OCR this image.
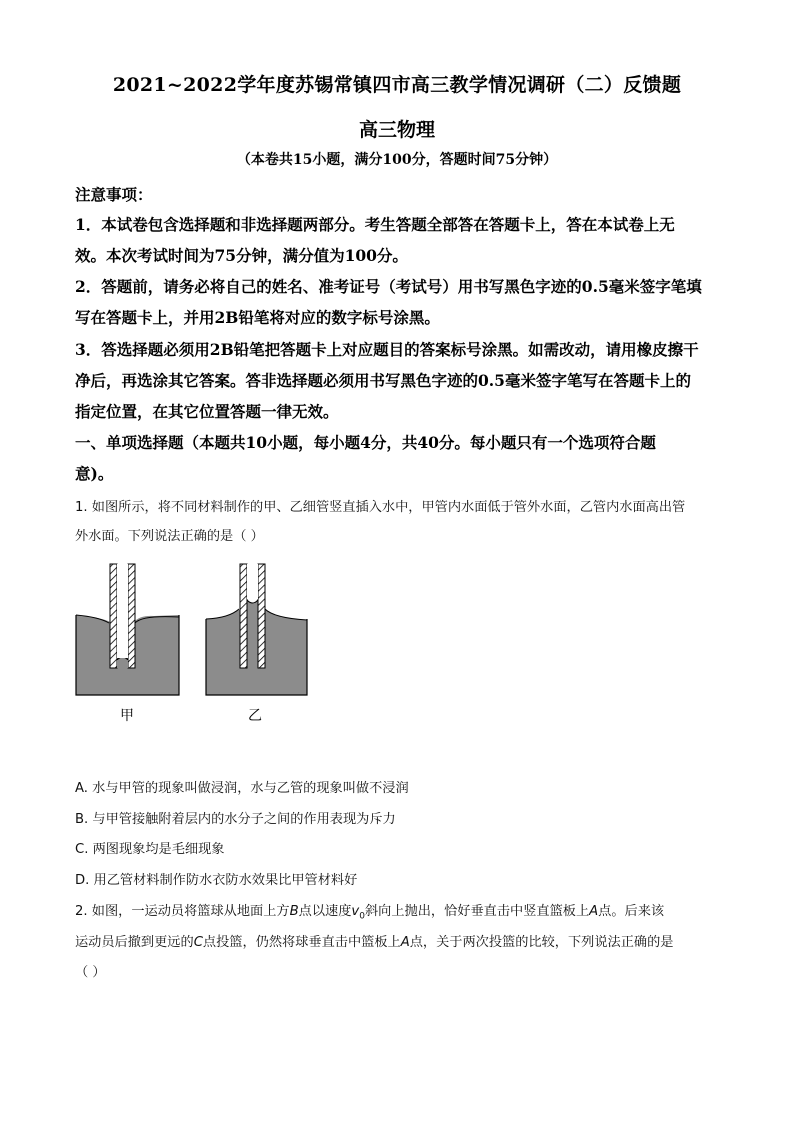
2021~2022学年度苏锡常镇四市高三教学情况调研（二）反馈题
高三物理
（本卷共15小题，满分100分，答题时间75分钟）
注意事项：
1．本试卷包含选择题和非选择题两部分。考生答题全部答在答题卡上，答在本试卷上无
效。本次考试时间为75分钟，满分值为100分。
2．答题前，请务必将自己的姓名、准考证号（考试号）用书写黑色字迹的0.5毫米签字笔填
写在答题卡上，并用2B铅笔将对应的数字标号涂黑。
3．答选择题必须用2B铅笔把答题卡上对应题目的答案标号涂黑。如需改动，请用橡皮擦干
净后，再选涂其它答案。答非选择题必须用书写黑色字迹的0.5毫米签字笔写在答题卡上的
指定位置，在其它位置答题一律无效。
一、单项选择题（本题共10小题，每小题4分，共40分。每小题只有一个选项符合题
意)。
1. 如图所示，将不同材料制作的甲、乙细管竖直插入水中，甲管内水面低于管外水面，乙管内水面高出管
外水面。下列说法正确的是（ ）
甲	乙
A. 水与甲管的现象叫做浸润，水与乙管的现象叫做不浸润
B. 与甲管接触附着层内的水分子之间的作用表现为斥力
C. 两图现象均是毛细现象
D. 用乙管材料制作防水衣防水效果比甲管材料好
2. 如图，一运动员将篮球从地面上方B点以速度$v_0$斜向上抛出，恰好垂直击中竖直篮板上A点。后来该
运动员后撤到更远的C点投篮，仍然将球垂直击中篮板上A点，关于两次投篮的比较，下列说法正确的是
（ ）
